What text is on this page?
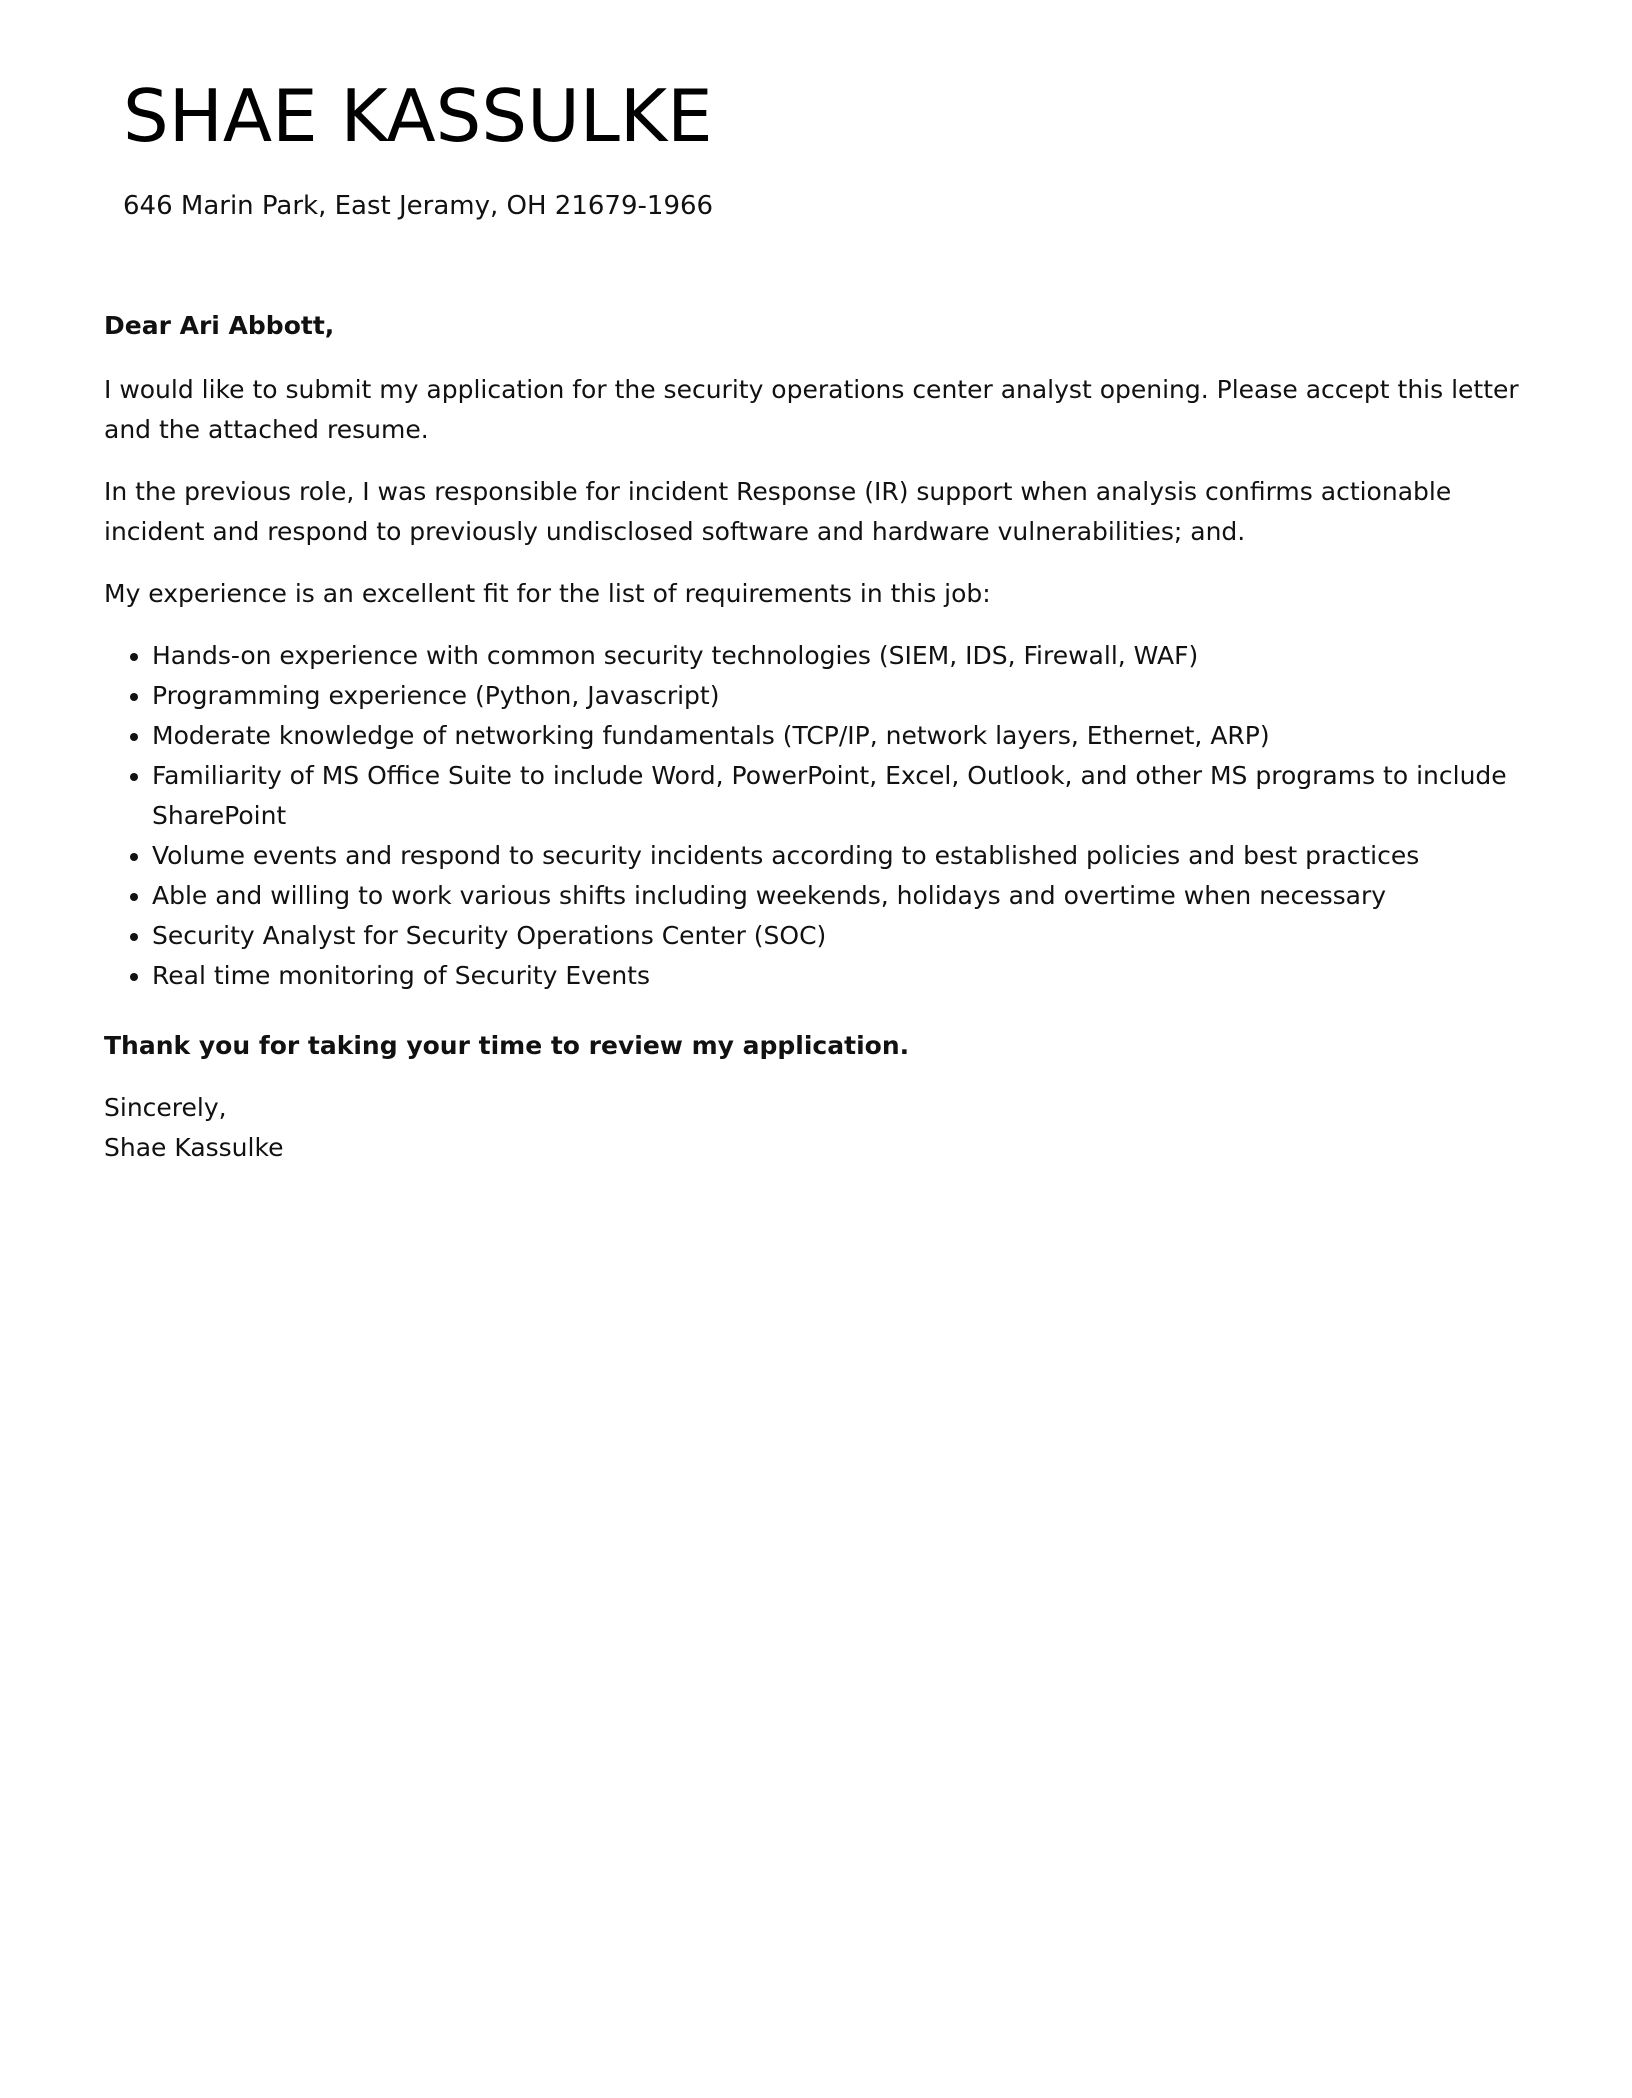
SHAE KASSULKE

646 Marin Park, East Jeramy, OH 21679-1966

Dear Ari Abbott,

I would like to submit my application for the security operations center analyst opening. Please accept this letter and the attached resume.

In the previous role, I was responsible for incident Response (IR) support when analysis confirms actionable incident and respond to previously undisclosed software and hardware vulnerabilities; and.

My experience is an excellent fit for the list of requirements in this job:

• Hands-on experience with common security technologies (SIEM, IDS, Firewall, WAF)
• Programming experience (Python, Javascript)
• Moderate knowledge of networking fundamentals (TCP/IP, network layers, Ethernet, ARP)
• Familiarity of MS Office Suite to include Word, PowerPoint, Excel, Outlook, and other MS programs to include SharePoint
• Volume events and respond to security incidents according to established policies and best practices
• Able and willing to work various shifts including weekends, holidays and overtime when necessary
• Security Analyst for Security Operations Center (SOC)
• Real time monitoring of Security Events

Thank you for taking your time to review my application.

Sincerely,
Shae Kassulke
